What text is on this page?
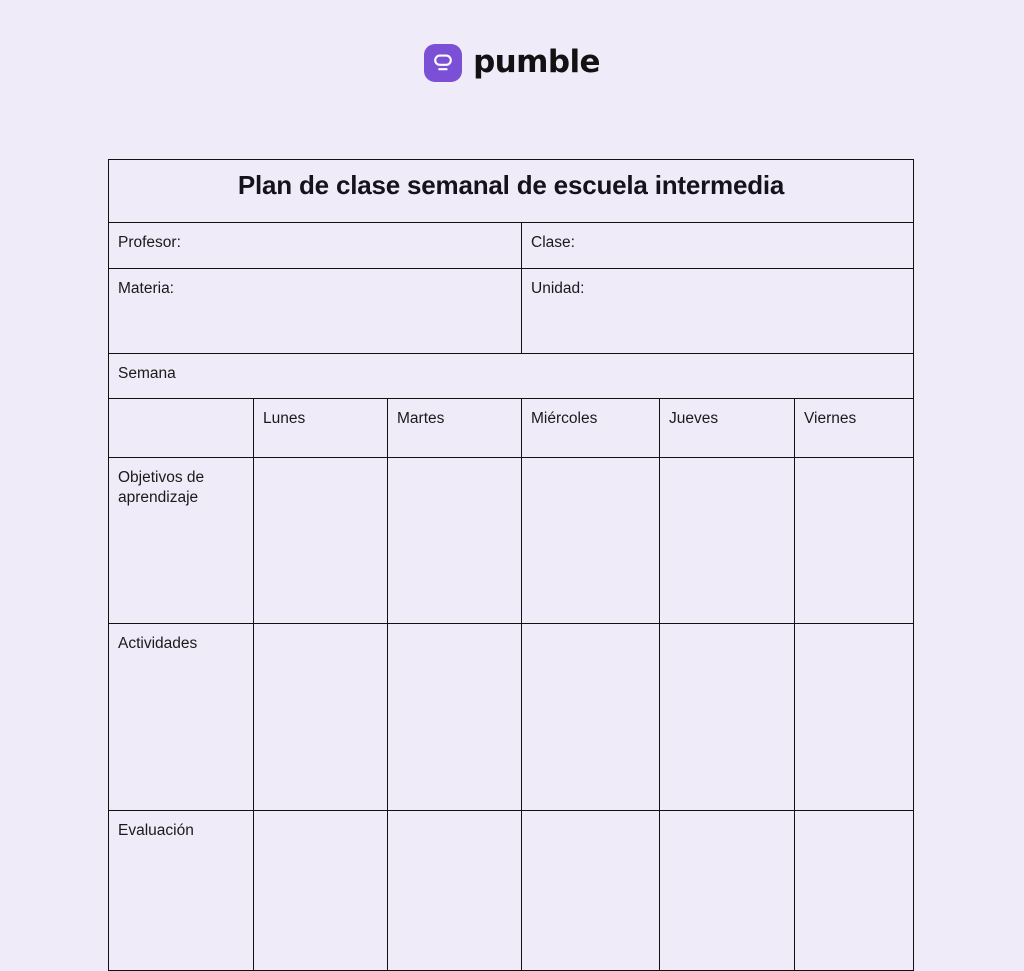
pumble
Plan de clase semanal de escuela intermedia					

Profesor:			Clase:		

Materia:			Unidad:		

Semana					

	Lunes	Martes	Miércoles	Jueves	Viernes

Objetivos de aprendizaje					

Actividades					

Evaluación					
